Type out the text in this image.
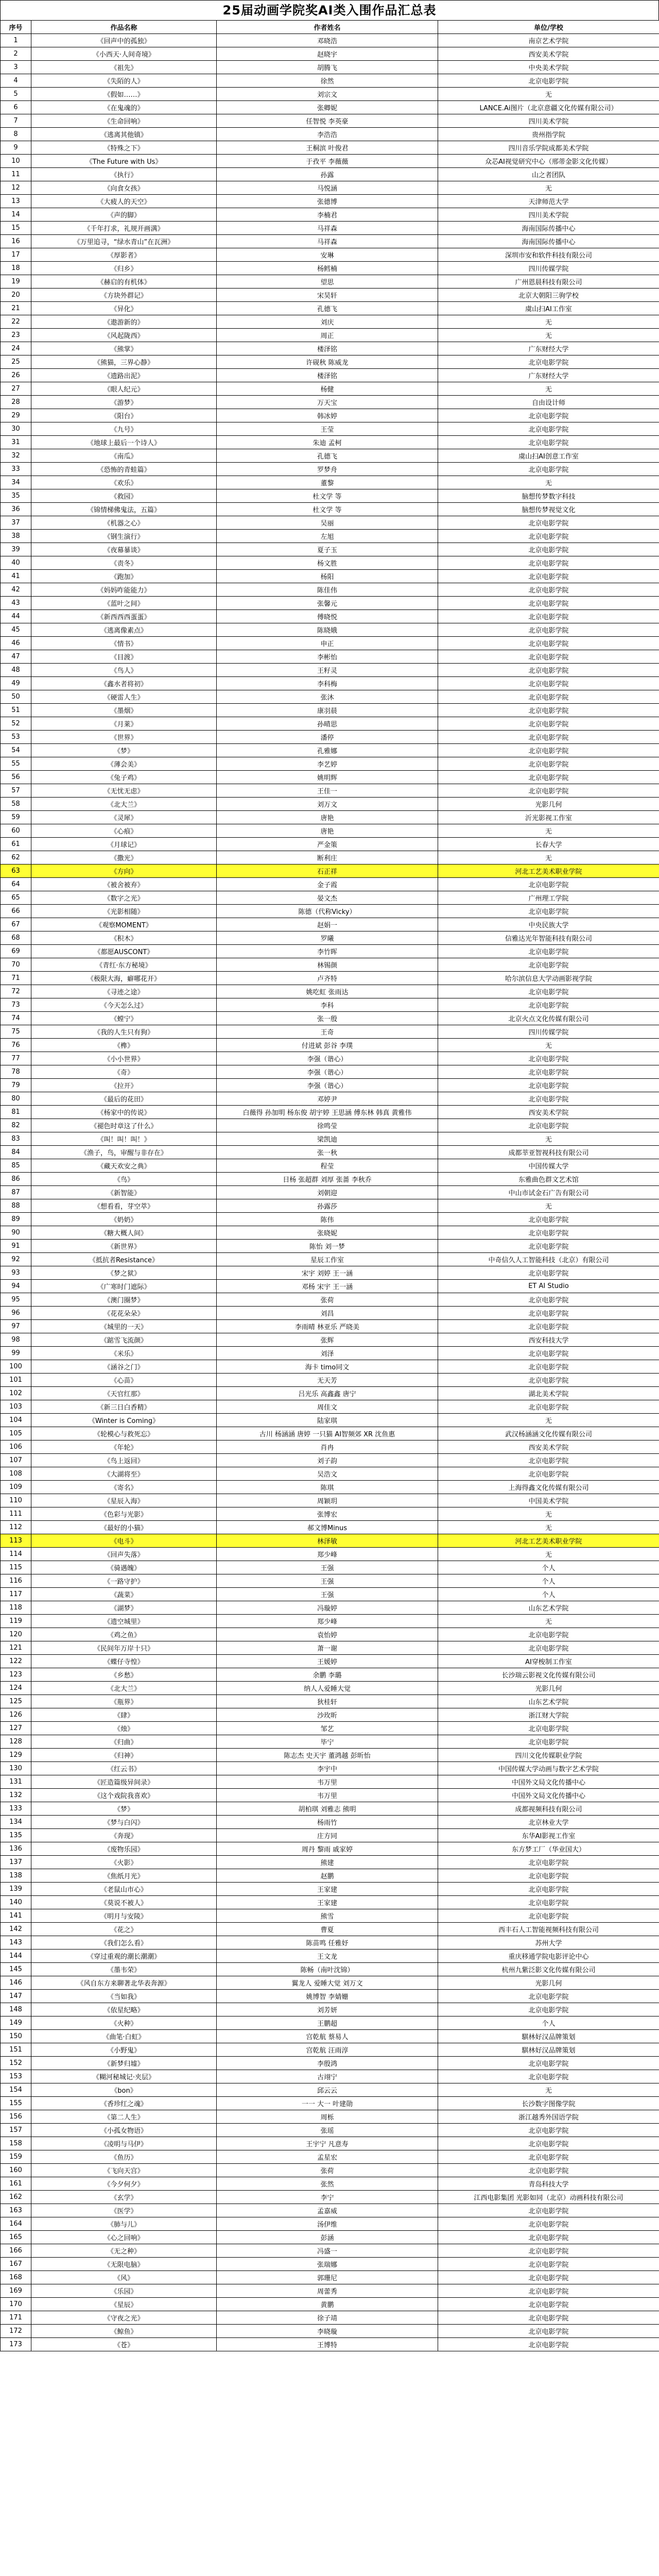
25届动画学院奖AI类入围作品汇总表
序号	作品名称	作者姓名	单位/学校
1	《回声中的孤独》	邓晓浩	南京艺术学院
2	《小西天·人间奇境》	赵晓宇	西安美术学院
3	《祖先》	胡腾飞	中央美术学院
4	《失陌的人》	徐然	北京电影学院
5	《假如……》	刘宗文	无
6	《在鬼魂的》	张卿妮	LANCE.Ai图片（北京意疆文化传媒有限公司）
7	《生命回响》	任智悦 李英豪	四川美术学院
8	《逃离其他镇》	李浩浩	贵州指学院
9	《特殊之下》	王桐滨 叶俊君	四川音乐学院成都美术学院
10	《The Future with Us》	于孜平 李薇薇	众芯AI视觉研究中心（邢蒂金影文化传媒）
11	《执行》	孙露	山之者团队
12	《向食女孩》	马悦涵	无
13	《大疲人的天空》	张德博	天津师范大学
14	《声的脚》	李楠君	四川美术学院
15	《千年打求，礼规开画满》	马祥森	海南国际传播中心
16	《万里追寻，“绿水青山”在瓦洲》	马祥森	海南国际传播中心
17	《厚影者》	安琳	深圳市安和软件科技有限公司
18	《归乡》	杨鳕楠	四川传媒学院
19	《赫启的有机体》	望思	广州恩晨科技有限公司
20	《方块外群记》	宋昊轩	北京大朝阳三驹学校
21	《异化》	孔德飞	虞山扫AI工作室
22	《遨游新的》	刘庆	无
23	《风起陇西》	周正	无
24	《熊掌》	楼泽铭	广东财经大学
25	《熊猫，三界心静》	许砚秋 陈威龙	北京电影学院
26	《遗路出泥》	楼泽铭	广东财经大学
27	《眼人纪元》	杨健	无
28	《游梦》	万天宝	自由设计师
29	《阳台》	韩冰婷	北京电影学院
30	《九号》	王莹	北京电影学院
31	《地球上最后一个诗人》	朱迪 孟柯	北京电影学院
32	《南瓜》	孔德飞	虞山扫AI创意工作室
33	《恐怖的青蛙篇》	罗梦舟	北京电影学院
34	《欢乐》	董黎	无
35	《救园》	杜文学 等	脑想传梦数字科技
36	《锦情梯佛鬼法，五篇》	杜文学 等	脑想传梦视觉文化
37	《机器之心》	吴丽	北京电影学院
38	《钢生演行》	左旭	北京电影学院
39	《夜幕暴谈》	夏子玉	北京电影学院
40	《责冬》	杨文胜	北京电影学院
41	《跑加》	杨阳	北京电影学院
42	《妈妈咋能能力》	陈佳伟	北京电影学院
43	《蓝叶之间》	张馨元	北京电影学院
44	《新西西西蛋蛋》	傅晓悦	北京电影学院
45	《逃离像素点》	陈晓娥	北京电影学院
46	《情书》	申正	北京电影学院
47	《目渡》	李彬怡	北京电影学院
48	《鸟人》	王籽灵	北京电影学院
49	《鑫水者将初》	李科梅	北京电影学院
50	《硬雷人生》	张沐	北京电影学院
51	《墨烟》	康羽晨	北京电影学院
52	《月莱》	孙晴思	北京电影学院
53	《世界》	潘停	北京电影学院
54	《梦》	孔雅娜	北京电影学院
55	《薄会美》	李艺婷	北京电影学院
56	《兔子鸡》	姚明辉	北京电影学院
57	《无忧无虑》	王佳一	北京电影学院
58	《北大兰》	刘万文	光影几何
59	《灵犀》	唐艳	沂光影视工作室
60	《心痕》	唐艳	无
61	《月球记》	严金策	长春大学
62	《撒光》	断利庄	无
63	《方向》	石正祥	河北工艺美术职业学院
64	《被舍被弃》	金子霞	北京电影学院
65	《数字之光》	晏文杰	广州理工学院
66	《光影相随》	陈德（代称Vicky）	北京电影学院
67	《观察MOMENT》	赵娟一	中央民族大学
68	《积木》	罗曦	信雅达光年智能科技有限公司
69	《都愿AUSCONT》	李竹晖	北京电影学院
70	《青红·东方秘境》	林锡颜	北京电影学院
71	《极限大海，癖哪花开》	卢齐特	哈尔滨信息大学动画影视学院
72	《寻迹之途》	姚吃虹 张雨达	北京电影学院
73	《今天怎么过》	李科	北京电影学院
74	《螳宁》	张一殷	北京火点文化传媒有限公司
75	《我的人生只有狗》	王奇	四川传媒学院
76	《榫》	付进斌 彭谷 李璞	无
77	《小小世界》	李强（谐心）	北京电影学院
78	《奇》	李强（谐心）	北京电影学院
79	《拉开》	李强（谐心）	北京电影学院
80	《最后的花田》	邓婷尹	北京电影学院
81	《杨家中的传说》	白薇得 孙加明 杨东俊 胡宇婷 王思涵 傅东林 韩真 黄雅伟	西安美术学院
82	《褪色时章这了什么》	徐鸣莹	北京电影学院
83	《叫！叫！叫！》	梁凯迪	无
84	《渔子，鸟，审醒与非存在》	张一秋	成都莘亚智视科技有限公司
85	《藏天欢安之典》	程莹	中国传媒大学
86	《鸟》	日杨 张超群 刘厚 张蔷 李秋乔	东雅曲色群文艺术馆
87	《新智能》	刘朝迎	中山市试金石广告有限公司
88	《想看看，芽空萃》	孙露莎	无
89	《奶奶》	陈伟	北京电影学院
90	《糖大概人间》	张晓妮	北京电影学院
91	《新世界》	陈怡 刘一梦	北京电影学院
92	《抵抗者Resistance》	星辰工作室	中奇信久人工智能科技（北京）有限公司
93	《梦之狱》	宋宇 刘婷 王一涵	北京电影学院
94	《广寒时门遮际》	邓杨 宋宇 王一涵	ET AI Studio
95	《澳门圈梦》	张荷	北京电影学院
96	《花花朵朵》	刘昌	北京电影学院
97	《城里的一天》	李雨晴 林亚乐 严晓美	北京电影学院
98	《踮雪飞流颜》	张辉	西安科技大学
99	《米乐》	刘泽	北京电影学院
100	《涵谷之门》	海卡 timo同文	北京电影学院
101	《心苗》	无天芳	北京电影学院
102	《天官红那》	吕光乐 高鑫鑫 唐宁	湖北美术学院
103	《新三日白香精》	周佳文	北京电影学院
104	《Winter is Coming》	陆家琪	无
105	《轮模心与救死忘》	古川 杨涵涵 唐婷 一只猫 AI智频郊 XR 沈鱼惠	武汉杨涵涵文化传媒有限公司
106	《年轮》	肖冉	西安美术学院
107	《鸟上返回》	刘子韵	北京电影学院
108	《大湖将至》	吴浩文	北京电影学院
109	《寄名》	陈琪	上海得鑫文化传媒有限公司
110	《星辰入海》	周颖玥	中国美术学院
111	《色彩与光影》	张博宏	无
112	《最好的小猫》	郝文博Minus	无
113	《电斗》	林泽敏	河北工艺美术职业学院
114	《回声失落》	郑少峰	无
115	《骑遇魄》	王强	个人
116	《一路守护》	王强	个人
117	《蔬菜》	王强	个人
118	《湖梦》	冯璇婷	山东艺术学院
119	《遗空城里》	郑少峰	无
120	《鸡之鱼》	袁怡婷	北京电影学院
121	《民间年万岸十只》	萧一谢	北京电影学院
122	《蝶仔寺惶》	王媛婷	AI穿梭制工作室
123	《乡愁》	余鹏 李璐	长沙瑞云影视文化传媒有限公司
124	《北大兰》	纳人人爱睡大觉	光影几何
125	《瓶界》	狄桂轩	山东艺术学院
126	《肆》	沙玫昕	浙江财大学院
127	《烛》	邹艺	北京电影学院
128	《归曲》	毕宁	北京电影学院
129	《归神》	陈志杰 史天宇 董鸿越 彭昕怡	四川文化传媒职业学院
130	《红云书》	李宇中	中国传媒大学动画与数字艺术学院
131	《匠造篇级异间录》	韦万里	中国外文局文化传播中心
132	《这个戏院我喜欢》	韦万里	中国外文局文化传播中心
133	《梦》	胡柏琪 刘雅志 熊明	成都视频科技有限公司
134	《梦与白闪》	杨雨竹	北京林业大学
135	《奔现》	庄方同	东华AI影视工作室
136	《废物乐园》	周丹 黎雨 戚家婷	东方梦工厂（华业国大）
137	《火影》	熊建	北京电影学院
138	《焦纸月光》	赵鹏	北京电影学院
139	《老鼠山市心》	王家建	北京电影学院
140	《莫说不被人》	王家建	北京电影学院
141	《明月与安陵》	熊雪	北京电影学院
142	《花之》	曹夏	西丰石人工智能视频科技有限公司
143	《我们怎么看》	陈苗鸣 任雅妤	苏州大学
144	《穿过重观的潮长潮潮》	王文龙	重庆移通学院电影评论中心
145	《墨韦荣》	陈畅（南叶沈锦）	杭州九紫泛影文化传媒有限公司
146	《风自东方来聊著北华表奔源》	翼龙人 爱睡大觉 刘万文	光影几何
147	《当如我》	姚博智 李婧姗	北京电影学院
148	《依星纪略》	刘芳妍	北京电影学院
149	《火种》	王鹏超	个人
150	《曲笔·白虹》	宫乾航 蔡易人	騏林好汉品牌策划
151	《小野鬼》	宫乾航 汪雨淳	騏林好汉品牌策划
152	《新梦归墟》	李殷鸿	北京电影学院
153	《糊河秘城记·夹层》	古翊宁	北京电影学院
154	《bon》	邱云云	无
155	《香珍红之魂》	一一 大一 叶建勋	长沙数字图像学院
156	《第二人生》	周栎	浙江越秀外国语学院
157	《小孤女物语》	张瑶	北京电影学院
158	《凌明与马伊》	王宇宁 凡意寿	北京电影学院
159	《鱼历》	孟星宏	北京电影学院
160	《飞向天宫》	张荷	北京电影学院
161	《今夕何夕》	张然	青岛科技大学
162	《玄学》	李宁	江西电影集团 光影如同（北京）动画科技有限公司
163	《医学》	孟嘉威	北京电影学院
164	《肺与儿》	汤伊维	北京电影学院
165	《心之回响》	彭涵	北京电影学院
166	《无之种》	冯盛一	北京电影学院
167	《无限电脑》	张瑞娜	北京电影学院
168	《风》	郭珊尼	北京电影学院
169	《乐园》	周蕾秀	北京电影学院
170	《星辰》	黄鹏	北京电影学院
171	《守夜之光》	徐子靖	北京电影学院
172	《鲸鱼》	李晓璇	北京电影学院
173	《苍》	王博特	北京电影学院
